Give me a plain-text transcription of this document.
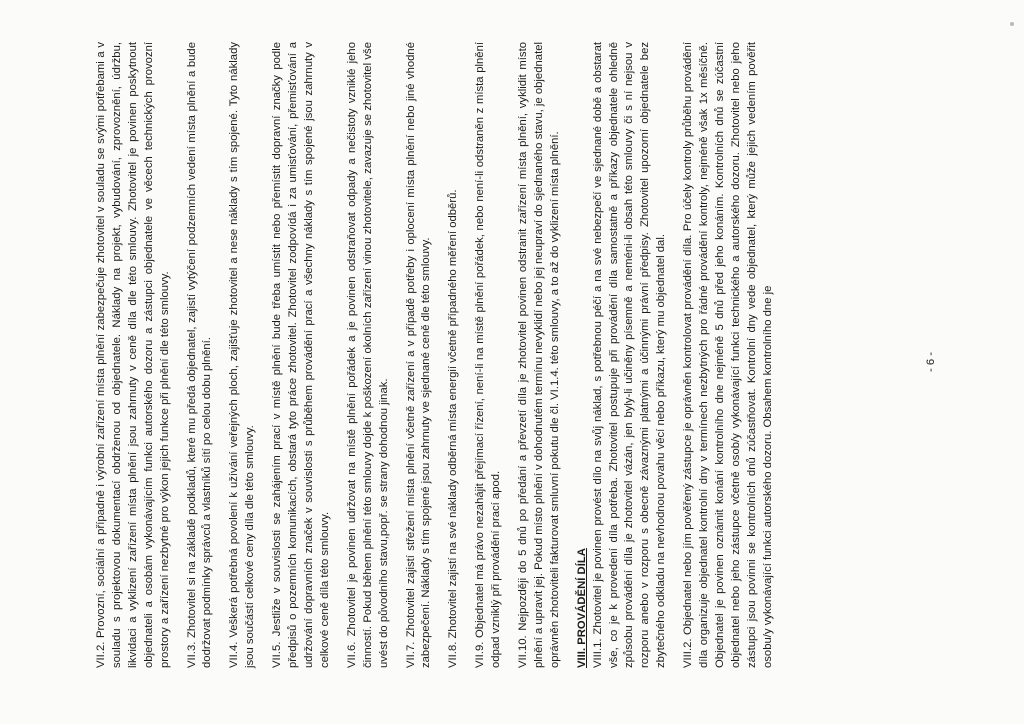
VII.2. Provozní, sociální a případně i výrobní zařízení místa plnění zabezpečuje zhotovitel v souladu se svými potřebami a v souladu s projektovou dokumentací obdrženou od objednatele. Náklady na projekt, vybudování, zprovoznění, údržbu, likvidaci a vyklizení zařízení místa plnění jsou zahrnuty v ceně díla dle této smlouvy. Zhotovitel je povinen poskytnout objednateli a osobám vykonávajícím funkci autorského dozoru a zástupci objednatele ve věcech technických provozní prostory a zařízení nezbytné pro výkon jejich funkce při plnění dle této smlouvy. VII.3. Zhotovitel si na základě podkladů, které mu předá objednatel, zajistí vytýčení podzemních vedení místa plnění a bude dodržovat podmínky správců a vlastníků sítí po celou dobu plnění. VII.4. Veškerá potřebná povolení k užívání veřejných ploch, zajišťuje zhotovitel a nese náklady s tím spojené. Tyto náklady jsou součástí celkové ceny díla dle této smlouvy. VII.5. Jestliže v souvislosti se zahájením prací v místě plnění bude třeba umístit nebo přemístit dopravní značky podle předpisů o pozemních komunikacích, obstará tyto práce zhotovitel. Zhotovitel zodpovídá i za umisťování, přemisťování a udržování dopravních značek v souvislosti s průběhem provádění prací a všechny náklady s tím spojené jsou zahrnuty v celkové ceně díla této smlouvy. VII.6. Zhotovitel je povinen udržovat na místě plnění pořádek a je povinen odstraňovat odpady a nečistoty vzniklé jeho činností. Pokud během plnění této smlouvy dojde k poškození okolních zařízení vinou zhotovitele, zavazuje se zhotovitel vše uvést do původního stavu,popř. se strany dohodnou jinak. VII.7. Zhotovitel zajistí střežení místa plnění včetně zařízení a v případě potřeby i oplocení místa plnění nebo jiné vhodné zabezpečení. Náklady s tím spojené jsou zahrnuty ve sjednané ceně dle této smlouvy. VII.8. Zhotovitel zajistí na své náklady odběrná místa energií včetně případného měření odběrů. VII.9. Objednatel má právo nezahájit přejímací řízení, není-li na místě plnění pořádek, nebo není-li odstraněn z místa plnění odpad vzniklý při provádění prací apod. VII.10. Nejpozději do 5 dnů po předání a převzetí díla je zhotovitel povinen odstranit zařízení místa plnění, vyklidit místo plnění a upravit jej. Pokud místo plnění v dohodnutém termínu nevyklidí nebo jej neupraví do sjednaného stavu, je objednatel oprávněn zhotoviteli fakturovat smluvní pokutu dle čl. VI.1.4. této smlouvy, a to až do vyklizení místa plnění. VIII. PROVÁDĚNÍ DÍLA VIII.1. Zhotovitel je povinen provést dílo na svůj náklad, s potřebnou péčí a na své nebezpečí ve sjednané době a obstarat vše, co je k provedení díla potřeba. Zhotovitel postupuje při provádění díla samostatně a příkazy objednatele ohledně způsobu provádění díla je zhotovitel vázán, jen byly-li učiněny písemně a neméni-li obsah této smlouvy či s ní nejsou v rozporu anebo v rozporu s obecně závaznými platnými a účinnými právní předpisy. Zhotovitel upozorní objednatele bez zbytečného odkladu na nevhodnou povahu věcí nebo příkazu, který mu objednatel dal. VIII.2. Objednatel nebo jím pověřený zástupce je oprávněn kontrolovat provádění díla. Pro účely kontroly průběhu provádění díla organizuje objednatel kontrolní dny v termínech nezbytných pro řádné provádění kontroly, nejméně však 1x měsíčně. Objednatel je povinen oznámit konání kontrolního dne nejméně 5 dnů před jeho konáním. Kontrolních dnů se zúčastní objednatel nebo jeho zástupce včetně osob/y vykonávající funkci technického a autorského dozoru. Zhotovitel nebo jeho zástupci jsou povinni se kontrolních dnů zúčastňovat. Kontrolní dny vede objednatel, který může jejich vedením pověřit osobu/y vykonávající funkci autorského dozoru. Obsahem kontrolního dne je	- 6 -
